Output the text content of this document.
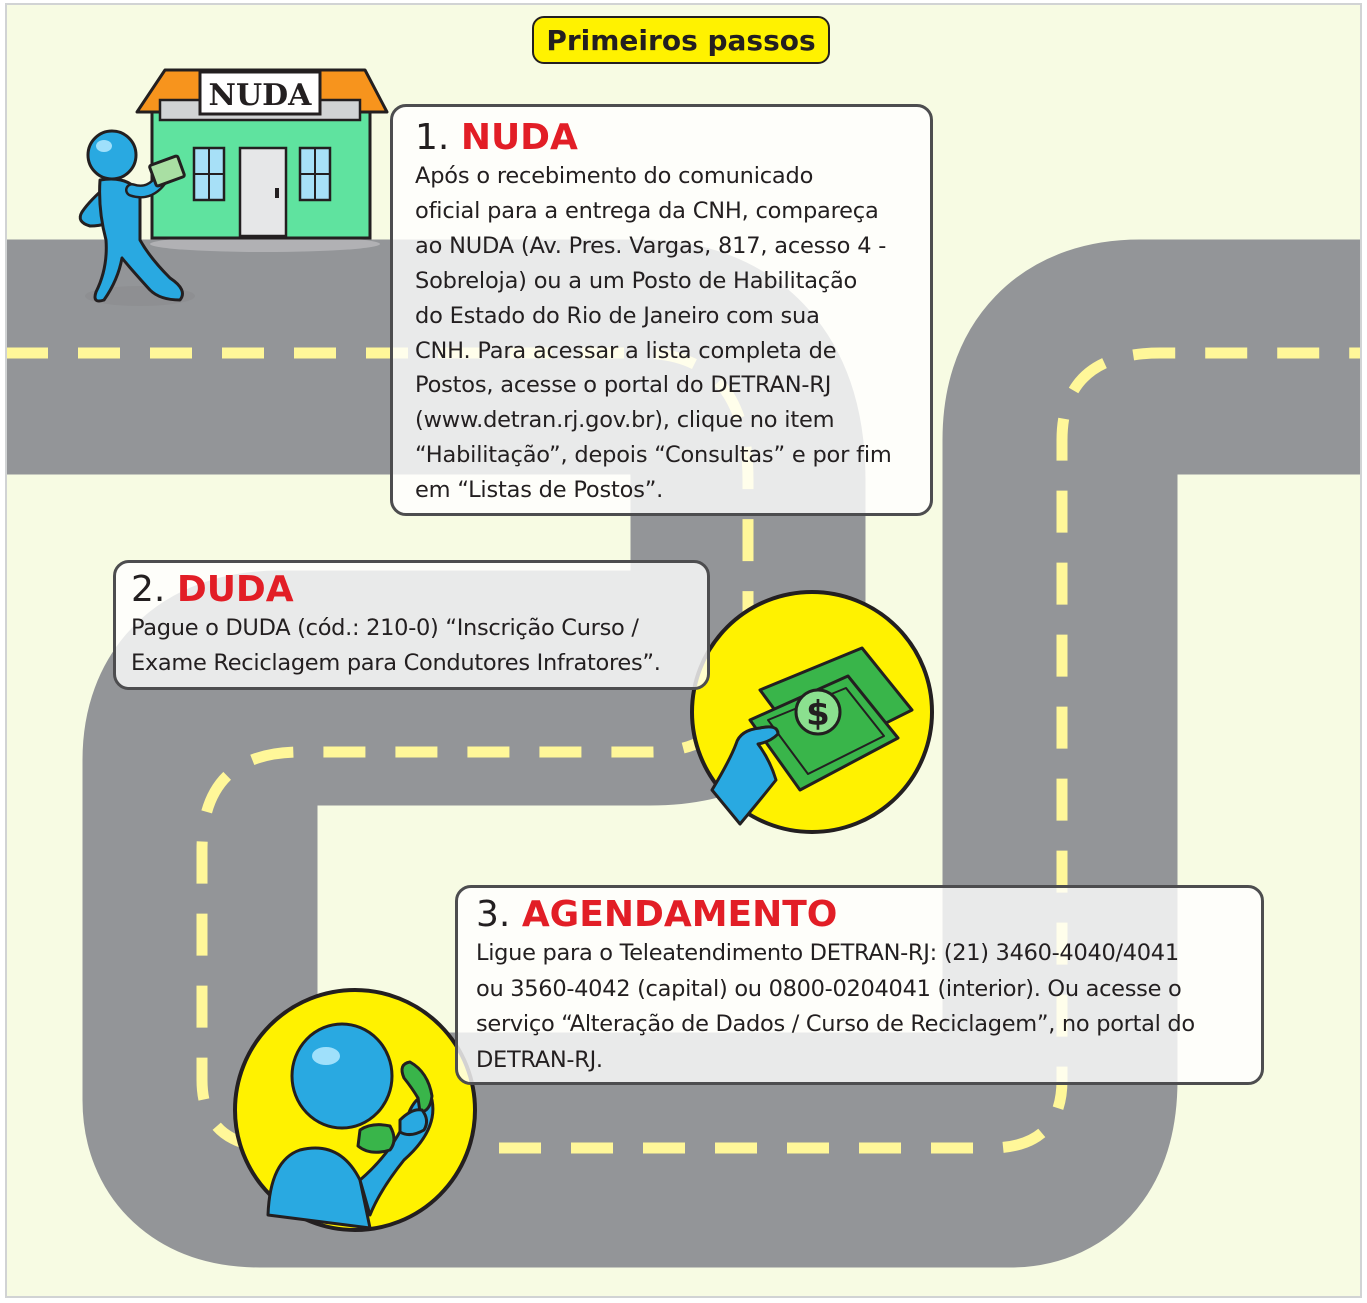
NUDA
$
Primeiros passos
1. NUDA
Após o recebimento do comunicado
oficial para a entrega da CNH, compareça
ao NUDA (Av. Pres. Vargas, 817, acesso 4 -
Sobreloja) ou a um Posto de Habilitação
do Estado do Rio de Janeiro com sua
CNH. Para acessar a lista completa de
Postos, acesse o portal do DETRAN-RJ
(www.detran.rj.gov.br), clique no item
“Habilitação”, depois “Consultas” e por fim
em “Listas de Postos”.
2. DUDA
Pague o DUDA (cód.: 210-0) “Inscrição Curso /
Exame Reciclagem para Condutores Infratores”.
3. AGENDAMENTO
Ligue para o Teleatendimento DETRAN-RJ: (21) 3460-4040/4041
ou 3560-4042 (capital) ou 0800-0204041 (interior). Ou acesse o
serviço “Alteração de Dados / Curso de Reciclagem”, no portal do
DETRAN-RJ.
